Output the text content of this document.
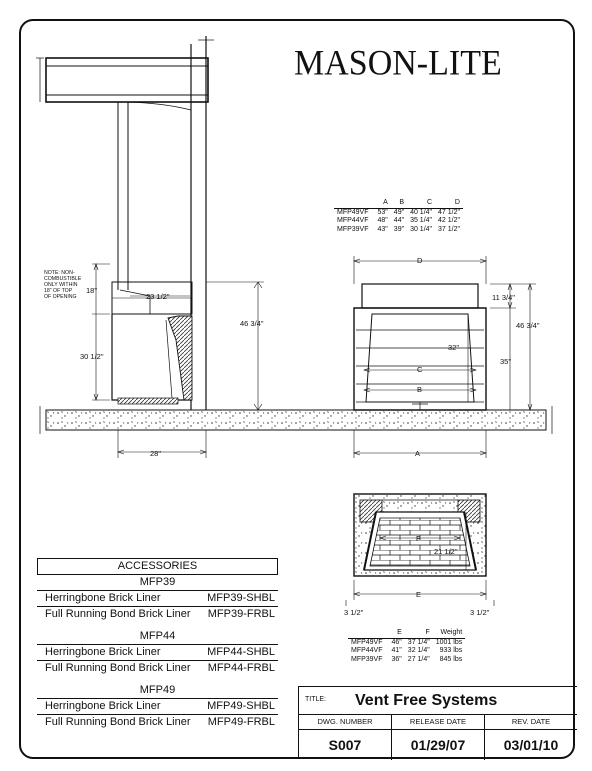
MASON-LITE
NOTE: NON-
COMBUSTIBLE
ONLY WITHIN
18" OF TOP
OF OPENING
18"
23 1/2"
30 1/2"
46 3/4"
28"
D
C
B
A
11 3/4"
46 3/4"
32"
35"
F
E
21 1/2"
3 1/2"	3 1/2"
	A	B	C	D
MFP49VF	53"	49"	40 1/4"	47 1/2"
MFP44VF	48"	44"	35 1/4"	42 1/2"
MFP39VF	43"	39"	30 1/4"	37 1/2"
	E	F	Weight
MFP49VF	46"	37 1/4"	1001 lbs
MFP44VF	41"	32 1/4"	933 lbs
MFP39VF	36"	27 1/4"	845 lbs
ACCESSORIES
MFP39
Herringbone Brick Liner	MFP39-SHBL
Full Running Bond Brick Liner MFP39-FRBL
MFP44
Herringbone Brick Liner	MFP44-SHBL
Full Running Bond Brick Liner MFP44-FRBL
MFP49
Herringbone Brick Liner	MFP49-SHBL
Full Running Bond Brick Liner MFP49-FRBL
TITLE: Vent Free Systems
DWG. NUMBER
S007
RELEASE DATE
01/29/07
REV. DATE
03/01/10
